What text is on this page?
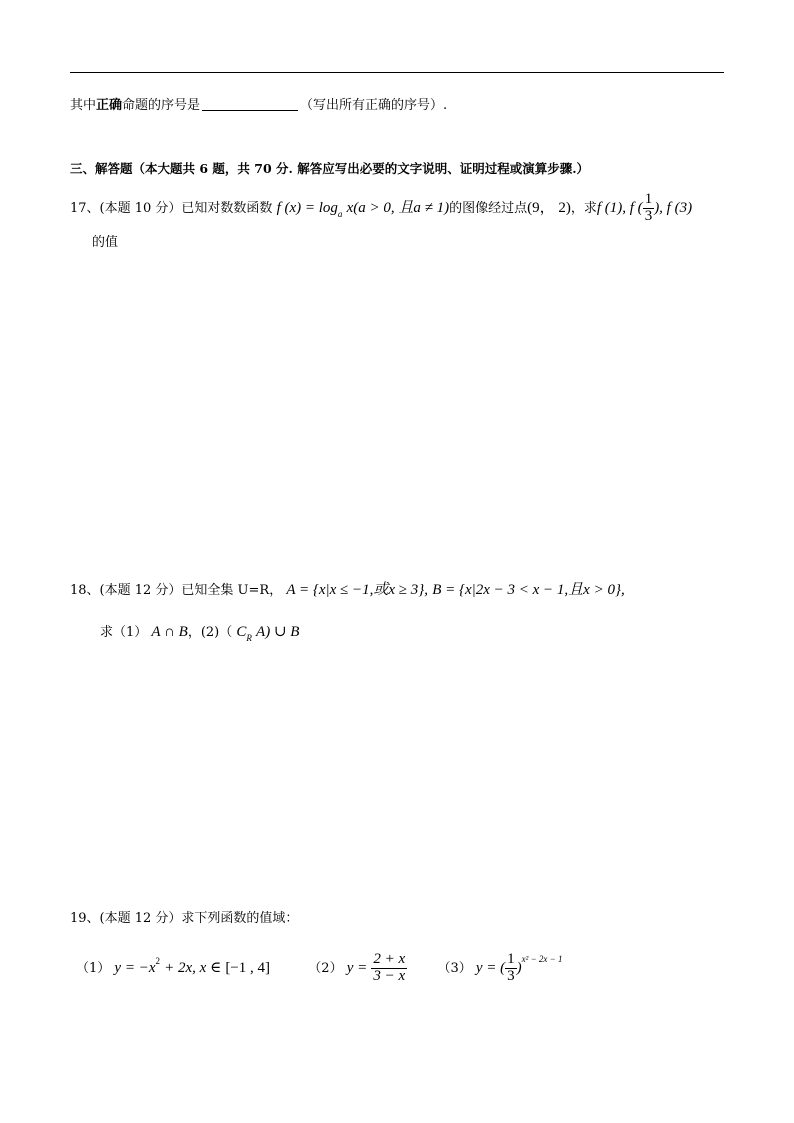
其中正确命题的序号是	（写出所有正确的序号）.
三、解答题（本大题共 6 题，共 70 分. 解答应写出必要的文字说明、证明过程或演算步骤.）
17、(本题 10 分）已知对数数函数 f $(x) = \log_a x(a > 0$, 且a ≠ 1)的图像经过点(9， 2)，求f (1), f ( $\frac{1}{3}$ ), f (3)
的值
18、(本题 12 分）已知全集 U=R， A = {x|x ≤ −1,或x ≥ 3}, B = {x|2x − 3 < x − 1,且x > 0},
求（1） A ∩ B，(2)（ $C_R$ A) ∪ B
19、(本题 12 分）求下列函数的值域：
（1） $y = -x^2 + 2x$, x ∈ [−1 , 4]	（2） $y = \frac{2 + x}{3 - x} (3) y$ = ( $\frac{1}{3} )^{x^2 - 2x - 1}$
